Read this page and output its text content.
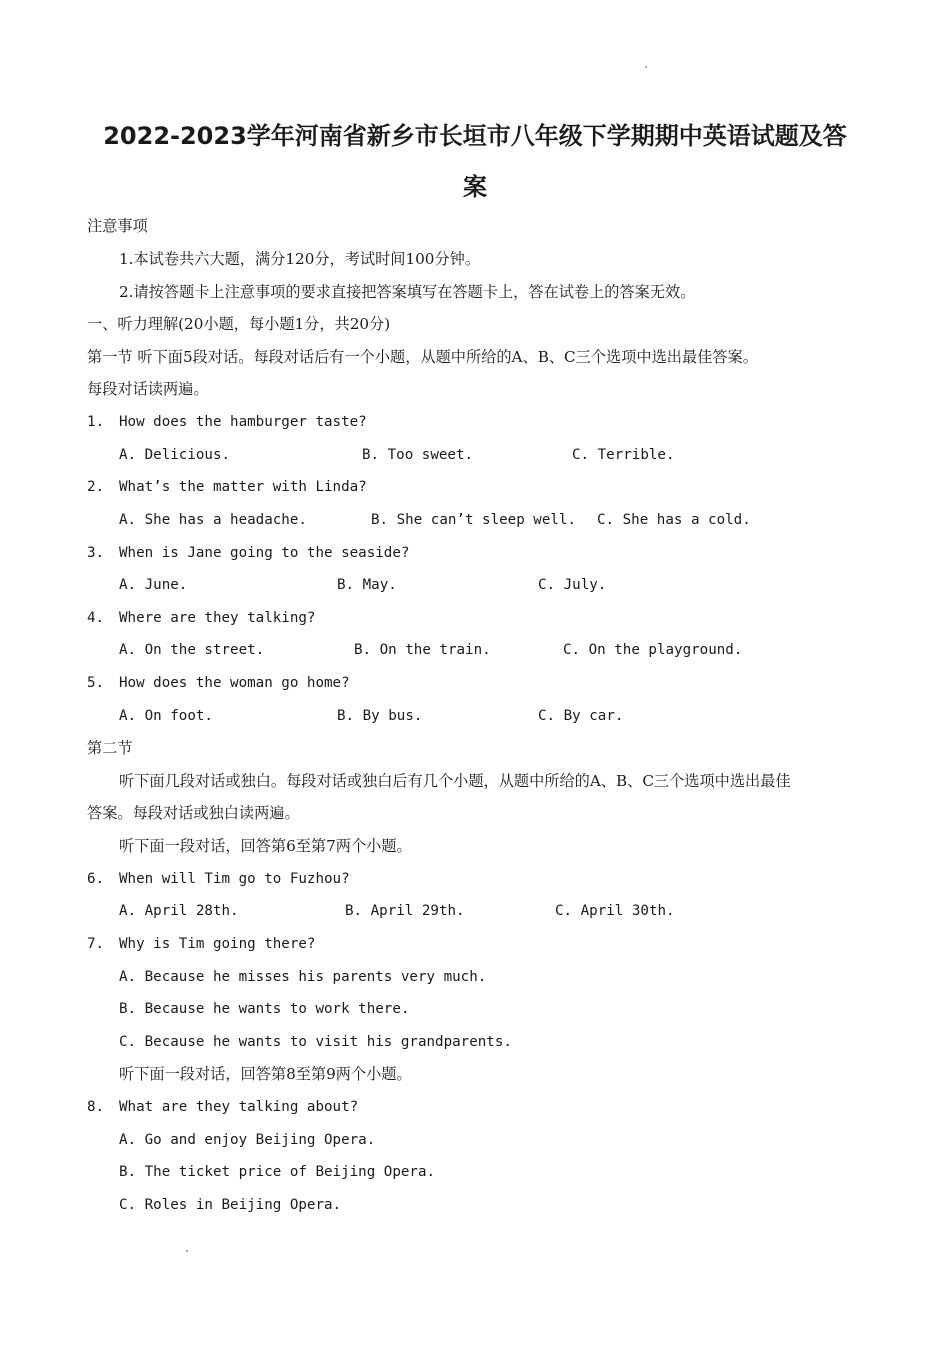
2022-2023学年河南省新乡市长垣市八年级下学期期中英语试题及答
案
注意事项
1.本试卷共六大题，满分120分，考试时间100分钟。
2.请按答题卡上注意事项的要求直接把答案填写在答题卡上，答在试卷上的答案无效。
一、听力理解(20小题，每小题1分，共20分)
第一节 听下面5段对话。每段对话后有一个小题，从题中所给的A、B、C三个选项中选出最佳答案。
每段对话读两遍。
1. How does the hamburger taste?
A. Delicious.	B. Too sweet.	C. Terrible.
2. What’s the matter with Linda?
A. She has a headache.	B. She can’t sleep well. C. She has a cold.
3. When is Jane going to the seaside?
A. June.	B. May.	C. July.
4. Where are they talking?
A. On the street.	B. On the train.	C. On the playground.
5. How does the woman go home?
A. On foot.	B. By bus.	C. By car.
第二节
听下面几段对话或独白。每段对话或独白后有几个小题，从题中所给的A、B、C三个选项中选出最佳
答案。每段对话或独白读两遍。
听下面一段对话，回答第6至第7两个小题。
6. When will Tim go to Fuzhou?
A. April 28th.	B. April 29th.	C. April 30th.
7. Why is Tim going there?
A. Because he misses his parents very much.
B. Because he wants to work there.
C. Because he wants to visit his grandparents.
听下面一段对话，回答第8至第9两个小题。
8. What are they talking about?
A. Go and enjoy Beijing Opera.
B. The ticket price of Beijing Opera.
C. Roles in Beijing Opera.
